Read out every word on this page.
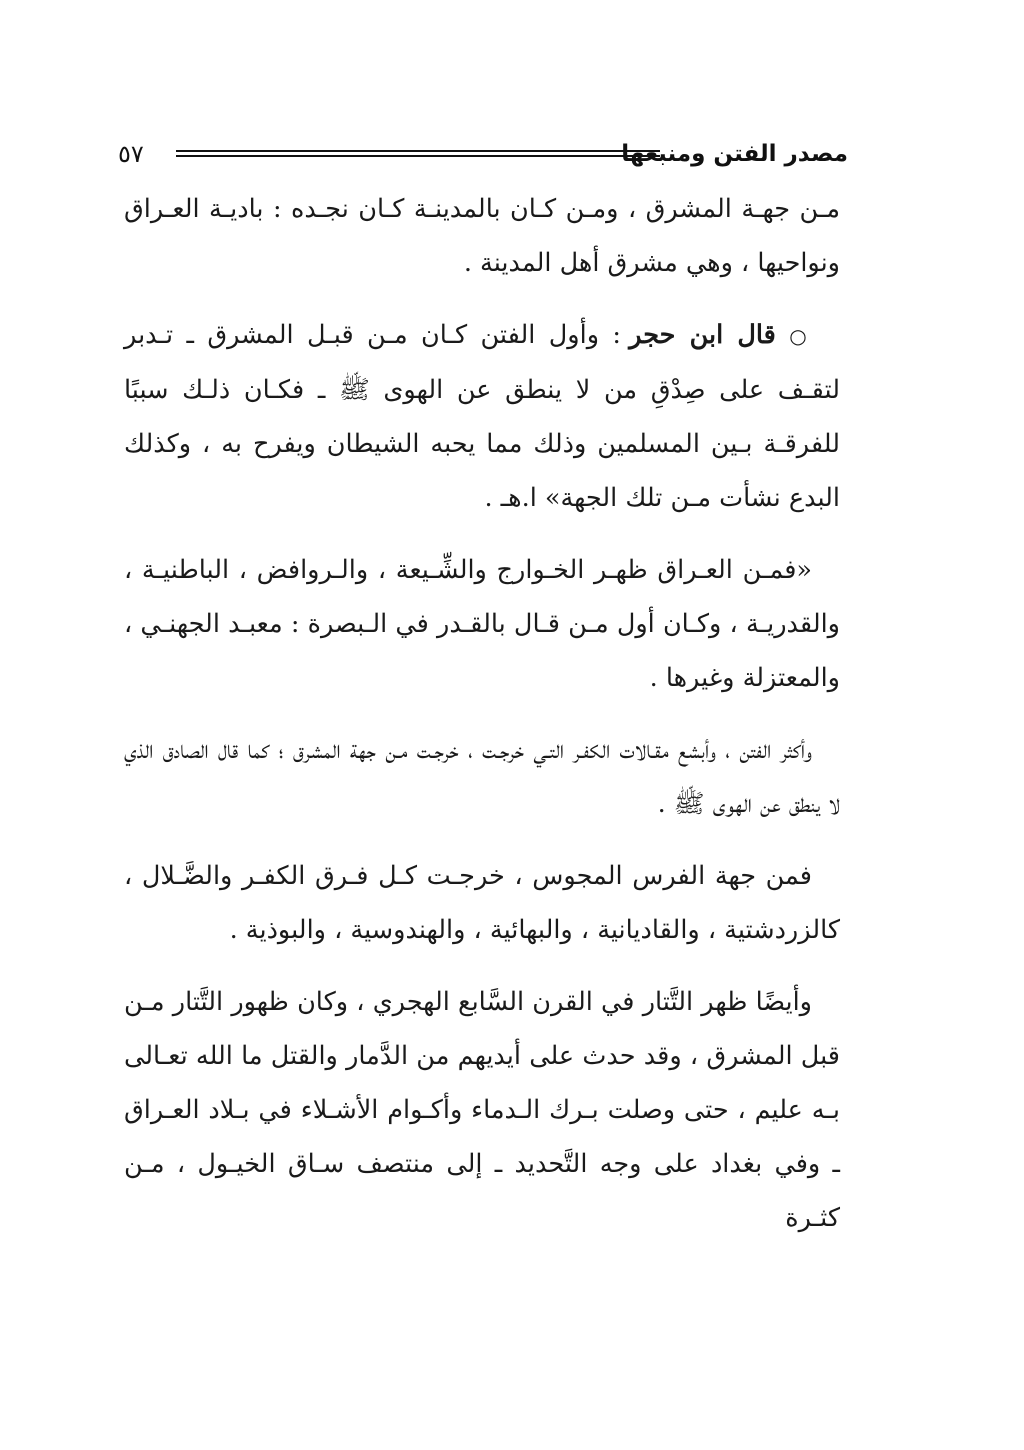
مصدر الفتن ومنبعها
٥٧

مـن جهـة المشرق ، ومـن كـان بالمدينـة كـان نجـده : باديـة العـراق ونواحيها ، وهي مشرق أهل المدينة .

○ قال ابن حجر : وأول الفتن كـان مـن قبـل المشرق ـ تـدبر لتقـف على صِدْقِ من لا ينطق عن الهوى ﷺ ـ فكـان ذلـك سببًا للفرقـة بـين المسلمين وذلك مما يحبه الشيطان ويفرح به ، وكذلك البدع نشأت مـن تلك الجهة» ا.هـ .

«فمـن العـراق ظهـر الخـوارج والشِّـيعة ، والـروافض ، الباطنيـة ، والقدريـة ، وكـان أول مـن قـال بالقـدر في الـبصرة : معبـد الجهنـي ، والمعتزلة وغيرها .

وأكثر الفتن ، وأبشع مقـالات الكفـر التـي خرجـت ، خرجـت مـن جهة المشرق ؛ كما قال الصادق الذي لا ينطق عن الهوى ﷺ .

فمن جهة الفرس المجوس ، خرجـت كـل فـرق الكفـر والضَّـلال ، كالزردشتية ، والقاديانية ، والبهائية ، والهندوسية ، والبوذية .

وأيضًا ظهر التَّتار في القرن السَّابع الهجري ، وكان ظهور التَّتار مـن قبل المشرق ، وقد حدث على أيديهم من الدَّمار والقتل ما الله تعـالى بـه عليم ، حتى وصلت بـرك الـدماء وأكـوام الأشـلاء في بـلاد العـراق ـ وفي بغداد على وجه التَّحديد ـ إلى منتصف سـاق الخيـول ، مـن كثـرة
